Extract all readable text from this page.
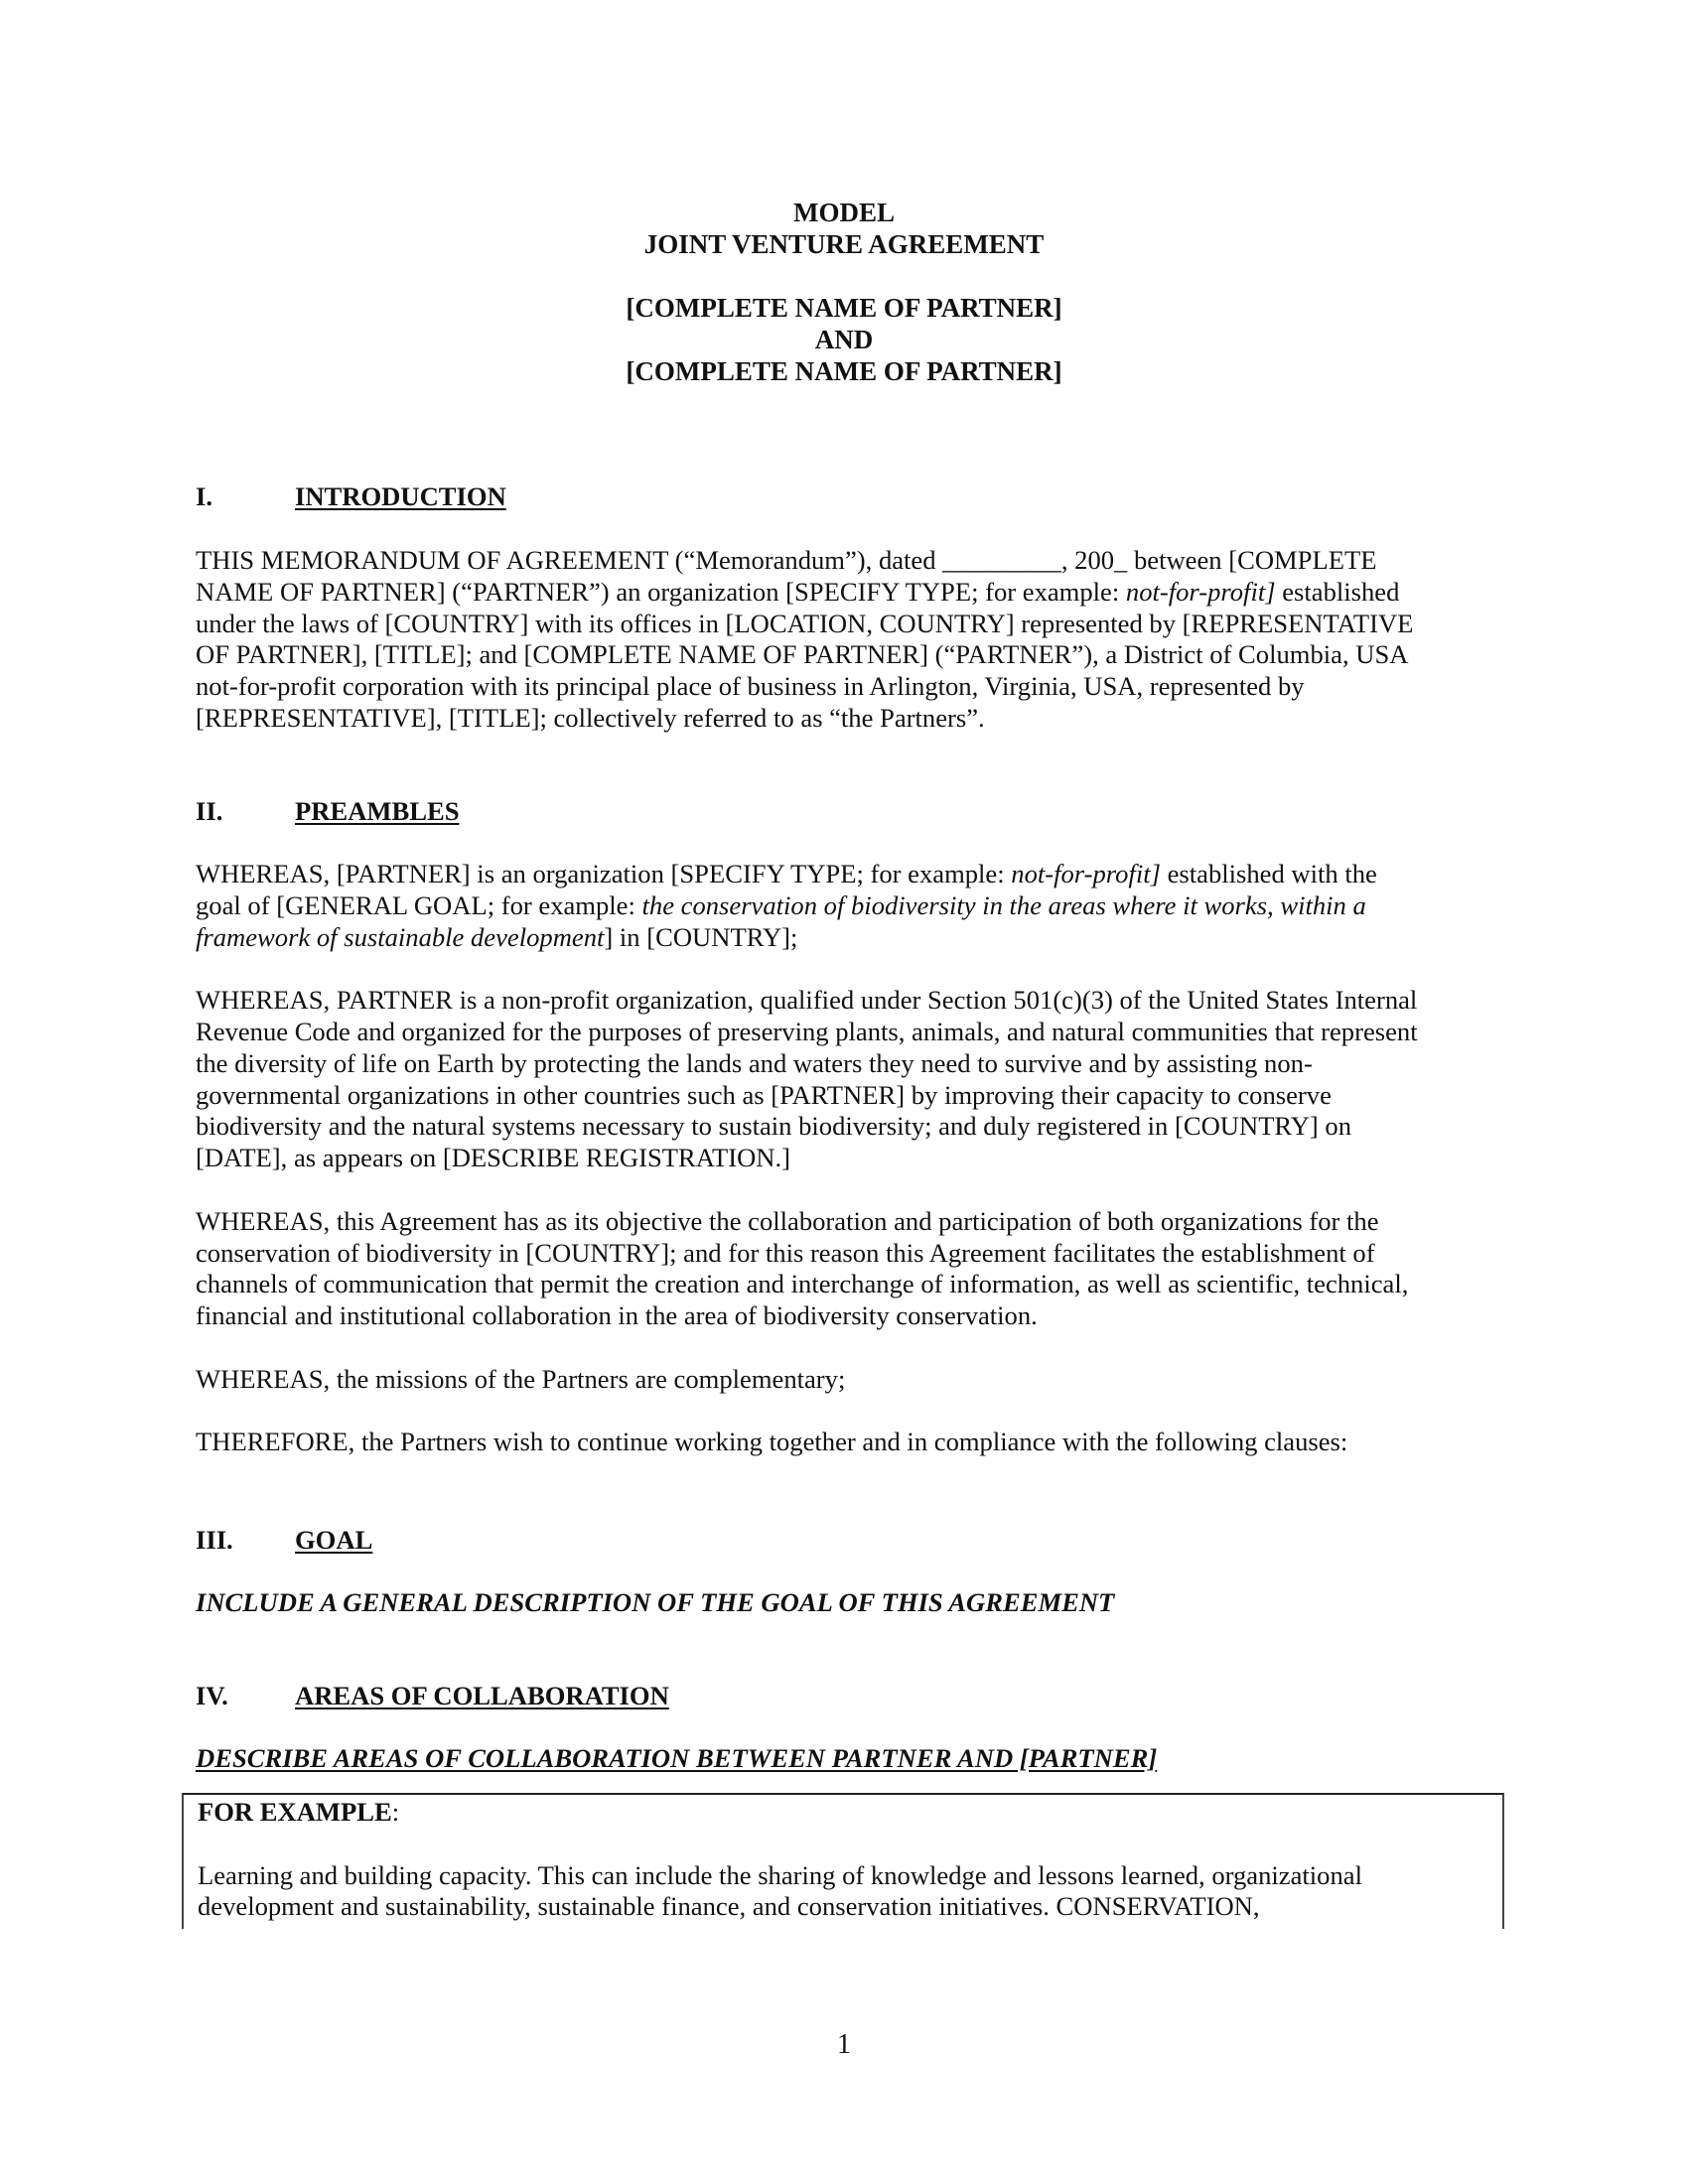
MODEL
JOINT VENTURE AGREEMENT
[COMPLETE NAME OF PARTNER]
AND
[COMPLETE NAME OF PARTNER]
I.	INTRODUCTION
THIS MEMORANDUM OF AGREEMENT (“Memorandum”), dated _________, 200_ between [COMPLETE
NAME OF PARTNER] (“PARTNER”) an organization [SPECIFY TYPE; for example: not-for-profit] established
under the laws of [COUNTRY] with its offices in [LOCATION, COUNTRY] represented by [REPRESENTATIVE
OF PARTNER], [TITLE]; and [COMPLETE NAME OF PARTNER] (“PARTNER”), a District of Columbia, USA
not-for-profit corporation with its principal place of business in Arlington, Virginia, USA, represented by
[REPRESENTATIVE], [TITLE]; collectively referred to as “the Partners”.
II.	PREAMBLES
WHEREAS, [PARTNER] is an organization [SPECIFY TYPE; for example: not-for-profit] established with the
goal of [GENERAL GOAL; for example: the conservation of biodiversity in the areas where it works, within a
framework of sustainable development] in [COUNTRY];
WHEREAS, PARTNER is a non-profit organization, qualified under Section 501(c)(3) of the United States Internal
Revenue Code and organized for the purposes of preserving plants, animals, and natural communities that represent
the diversity of life on Earth by protecting the lands and waters they need to survive and by assisting non-
governmental organizations in other countries such as [PARTNER] by improving their capacity to conserve
biodiversity and the natural systems necessary to sustain biodiversity; and duly registered in [COUNTRY] on
[DATE], as appears on [DESCRIBE REGISTRATION.]
WHEREAS, this Agreement has as its objective the collaboration and participation of both organizations for the
conservation of biodiversity in [COUNTRY]; and for this reason this Agreement facilitates the establishment of
channels of communication that permit the creation and interchange of information, as well as scientific, technical,
financial and institutional collaboration in the area of biodiversity conservation.
WHEREAS, the missions of the Partners are complementary;
THEREFORE, the Partners wish to continue working together and in compliance with the following clauses:
III. GOAL
INCLUDE A GENERAL DESCRIPTION OF THE GOAL OF THIS AGREEMENT
IV.	AREAS OF COLLABORATION
DESCRIBE AREAS OF COLLABORATION BETWEEN PARTNER AND [PARTNER]
FOR EXAMPLE:
Learning and building capacity. This can include the sharing of knowledge and lessons learned, organizational
development and sustainability, sustainable finance, and conservation initiatives. CONSERVATION,
1
